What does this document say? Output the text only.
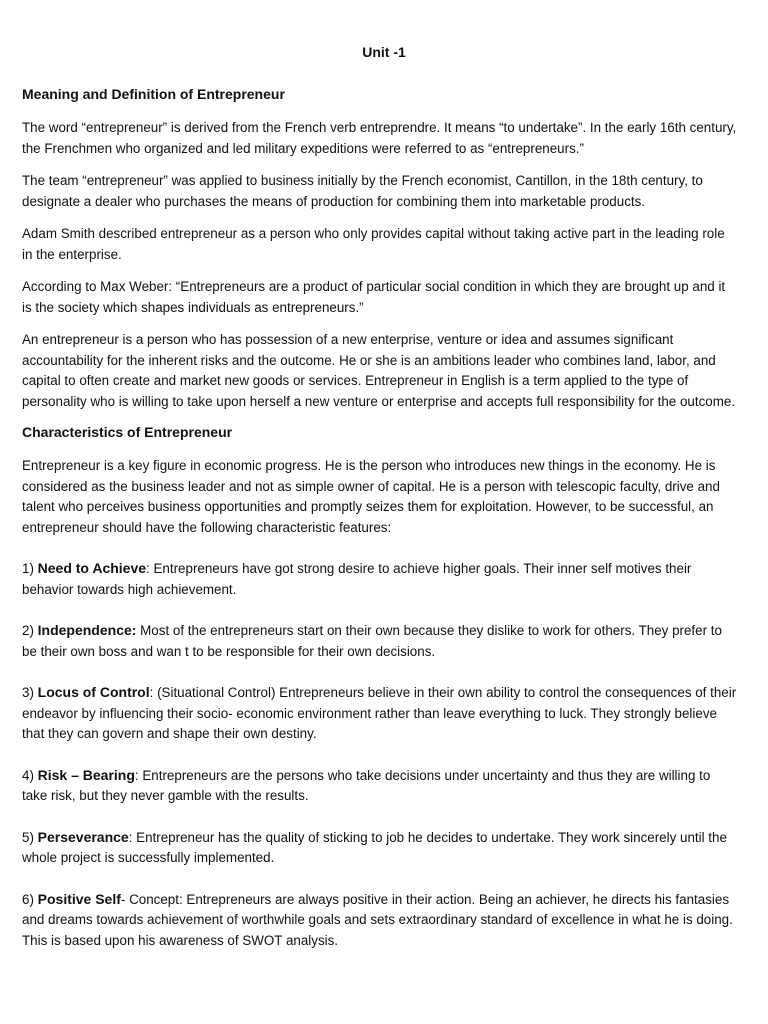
Unit -1
Meaning and Definition of Entrepreneur

The word “entrepreneur” is derived from the French verb entreprendre. It means “to undertake”. In the early 16th century, the Frenchmen who organized and led military expeditions were referred to as “entrepreneurs.”

The team “entrepreneur” was applied to business initially by the French economist, Cantillon, in the 18th century, to designate a dealer who purchases the means of production for combining them into marketable products.

Adam Smith described entrepreneur as a person who only provides capital without taking active part in the leading role in the enterprise.

According to Max Weber: “Entrepreneurs are a product of particular social condition in which they are brought up and it is the society which shapes individuals as entrepreneurs.”

An entrepreneur is a person who has possession of a new enterprise, venture or idea and assumes significant accountability for the inherent risks and the outcome. He or she is an ambitions leader who combines land, labor, and capital to often create and market new goods or services. Entrepreneur in English is a term applied to the type of personality who is willing to take upon herself a new venture or enterprise and accepts full responsibility for the outcome.

Characteristics of Entrepreneur

Entrepreneur is a key figure in economic progress. He is the person who introduces new things in the economy. He is considered as the business leader and not as simple owner of capital. He is a person with telescopic faculty, drive and talent who perceives business opportunities and promptly seizes them for exploitation. However, to be successful, an entrepreneur should have the following characteristic features:

1) Need to Achieve: Entrepreneurs have got strong desire to achieve higher goals. Their inner self motives their behavior towards high achievement.

2) Independence: Most of the entrepreneurs start on their own because they dislike to work for others. They prefer to be their own boss and wan t to be responsible for their own decisions.

3) Locus of Control: (Situational Control) Entrepreneurs believe in their own ability to control the consequences of their endeavor by influencing their socio- economic environment rather than leave everything to luck. They strongly believe that they can govern and shape their own destiny.

4) Risk – Bearing: Entrepreneurs are the persons who take decisions under uncertainty and thus they are willing to take risk, but they never gamble with the results.

5) Perseverance: Entrepreneur has the quality of sticking to job he decides to undertake. They work sincerely until the whole project is successfully implemented.

6) Positive Self- Concept: Entrepreneurs are always positive in their action. Being an achiever, he directs his fantasies and dreams towards achievement of worthwhile goals and sets extraordinary standard of excellence in what he is doing. This is based upon his awareness of SWOT analysis.
